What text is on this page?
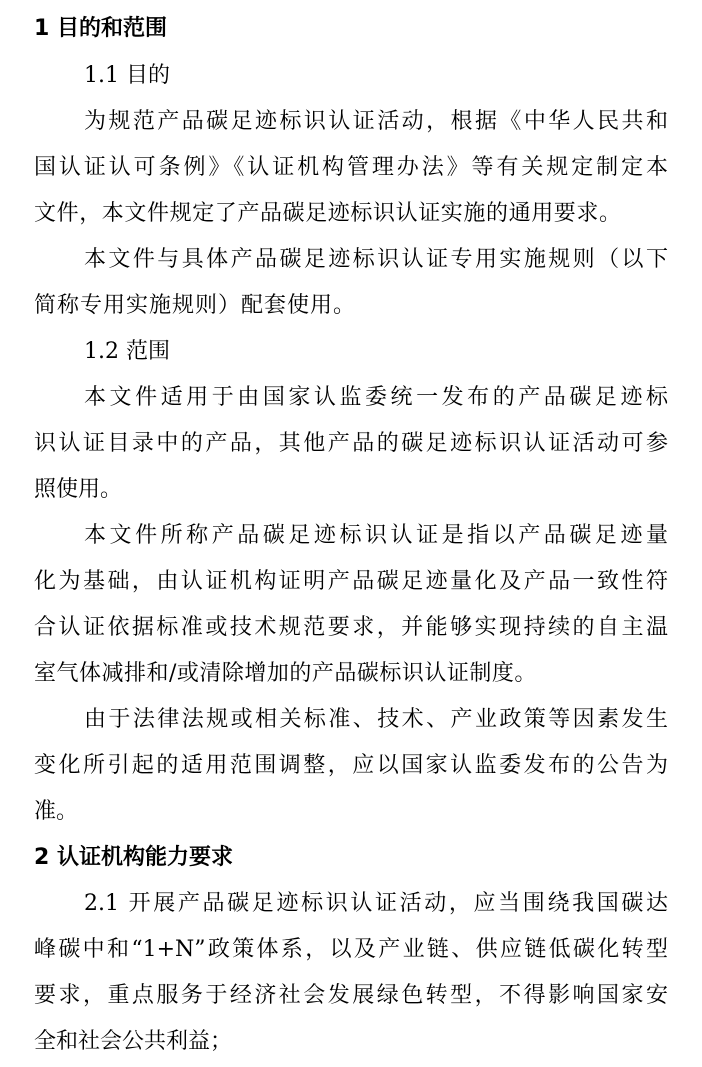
1 目的和范围
1.1 目的
为规范产品碳足迹标识认证活动，根据《中华人民共和
国认证认可条例》《认证机构管理办法》等有关规定制定本
文件，本文件规定了产品碳足迹标识认证实施的通用要求。
本文件与具体产品碳足迹标识认证专用实施规则（以下
简称专用实施规则）配套使用。
1.2 范围
本文件适用于由国家认监委统一发布的产品碳足迹标
识认证目录中的产品，其他产品的碳足迹标识认证活动可参
照使用。
本文件所称产品碳足迹标识认证是指以产品碳足迹量
化为基础，由认证机构证明产品碳足迹量化及产品一致性符
合认证依据标准或技术规范要求，并能够实现持续的自主温
室气体减排和/或清除增加的产品碳标识认证制度。
由于法律法规或相关标准、技术、产业政策等因素发生
变化所引起的适用范围调整，应以国家认监委发布的公告为
准。
2 认证机构能力要求
2.1 开展产品碳足迹标识认证活动，应当围绕我国碳达
峰碳中和“1+N”政策体系，以及产业链、供应链低碳化转型
要求，重点服务于经济社会发展绿色转型，不得影响国家安
全和社会公共利益；
